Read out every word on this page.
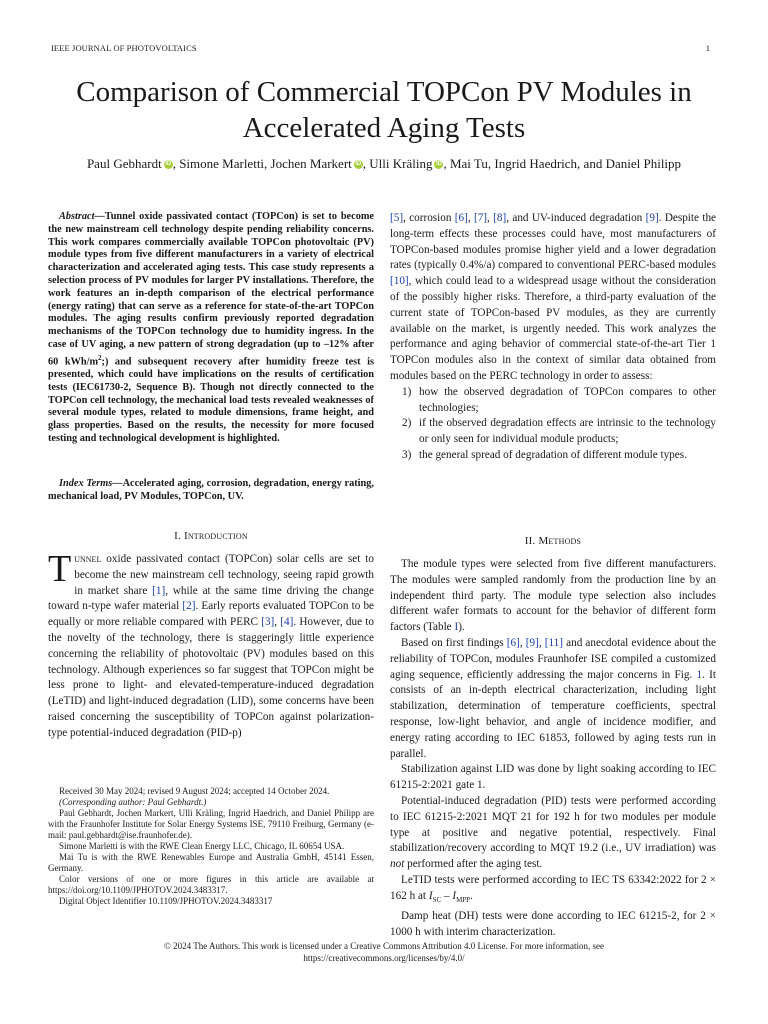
IEEE JOURNAL OF PHOTOVOLTAICS	1
Comparison of Commercial TOPCon PV Modules in Accelerated Aging Tests
Paul Gebhardt iD , Simone Marletti, Jochen Markert iD , Ulli Kräling iD , Mai Tu, Ingrid Haedrich, and Daniel Philipp
Abstract—Tunnel oxide passivated contact (TOPCon) is set to become the new mainstream cell technology despite pending reliability concerns. This work compares commercially available TOPCon photovoltaic (PV) module types from five different manufacturers in a variety of electrical characterization and accelerated aging tests. This case study represents a selection process of PV modules for larger PV installations. Therefore, the work features an in-depth comparison of the electrical performance (energy rating) that can serve as a reference for state-of-the-art TOPCon modules. The aging results confirm previously reported degradation mechanisms of the TOPCon technology due to humidity ingress. In the case of UV aging, a new pattern of strong degradation (up to –12% after 60 kWh/$m^2$;) and subsequent recovery after humidity freeze test is presented, which could have implications on the results of certification tests (IEC61730-2, Sequence B). Though not directly connected to the TOPCon cell technology, the mechanical load tests revealed weaknesses of several module types, related to module dimensions, frame height, and glass properties. Based on the results, the necessity for more focused testing and technological development is highlighted.
Index Terms—Accelerated aging, corrosion, degradation, energy rating, mechanical load, PV Modules, TOPCon, UV.
I. INTRODUCTION
TUNNEL oxide passivated contact (TOPCon) solar cells are set to become the new mainstream cell technology, seeing rapid growth in market share [1], while at the same time driving the change toward n-type wafer material [2]. Early reports evaluated TOPCon to be equally or more reliable compared with PERC [3], [4]. However, due to the novelty of the technology, there is staggeringly little experience concerning the reliability of photovoltaic (PV) modules based on this technology. Although experiences so far suggest that TOPCon might be less prone to light- and elevated-temperature-induced degradation (LeTID) and light-induced degradation (LID), some concerns have been raised concerning the susceptibility of TOPCon against polarization-type potential-induced degradation (PID-p)

Received 30 May 2024; revised 9 August 2024; accepted 14 October 2024.

(Corresponding author: Paul Gebhardt.)

Paul Gebhardt, Jochen Markert, Ulli Kräling, Ingrid Haedrich, and Daniel Philipp are with the Fraunhofer Institute for Solar Energy Systems ISE, 79110 Freiburg, Germany (e-mail: paul.gebhardt@ise.fraunhofer.de).

Simone Marletti is with the RWE Clean Energy LLC, Chicago, IL 60654 USA.

Mai Tu is with the RWE Renewables Europe and Australia GmbH, 45141 Essen, Germany.

Color versions of one or more figures in this article are available at https://doi.org/10.1109/JPHOTOV.2024.3483317.

Digital Object Identifier 10.1109/JPHOTOV.2024.3483317

[5], corrosion [6], [7], [8], and UV-induced degradation [9]. Despite the long-term effects these processes could have, most manufacturers of TOPCon-based modules promise higher yield and a lower degradation rates (typically 0.4%/a) compared to conventional PERC-based modules [10], which could lead to a widespread usage without the consideration of the possibly higher risks. Therefore, a third-party evaluation of the current state of TOPCon-based PV modules, as they are currently available on the market, is urgently needed. This work analyzes the performance and aging behavior of commercial state-of-the-art Tier 1 TOPCon modules also in the context of similar data obtained from modules based on the PERC technology in order to assess:
1) how the observed degradation of TOPCon compares to other technologies;
2) if the observed degradation effects are intrinsic to the technology or only seen for individual module products;
3) the general spread of degradation of different module types.
II. METHODS

The module types were selected from five different manufacturers. The modules were sampled randomly from the production line by an independent third party. The module type selection also includes different wafer formats to account for the behavior of different form factors (Table I).

Based on first findings [6], [9], [11] and anecdotal evidence about the reliability of TOPCon, modules Fraunhofer ISE compiled a customized aging sequence, efficiently addressing the major concerns in Fig. 1. It consists of an in-depth electrical characterization, including light stabilization, determination of temperature coefficients, spectral response, low-light behavior, and angle of incidence modifier, and energy rating according to IEC 61853, followed by aging tests run in parallel.

Stabilization against LID was done by light soaking according to IEC 61215-2:2021 gate 1.

Potential-induced degradation (PID) tests were performed according to IEC 61215-2:2021 MQT 21 for 192 h for two modules per module type at positive and negative potential, respectively. Final stabilization/recovery according to MQT 19.2 (i.e., UV irradiation) was not performed after the aging test.

LeTID tests were performed according to IEC TS 63342:2022 for 2 × 162 h at $I_{SC} - I_{MPP}$.

Damp heat (DH) tests were done according to IEC 61215-2, for 2 × 1000 h with interim characterization.

© 2024 The Authors. This work is licensed under a Creative Commons Attribution 4.0 License. For more information, see
https://creativecommons.org/licenses/by/4.0/
